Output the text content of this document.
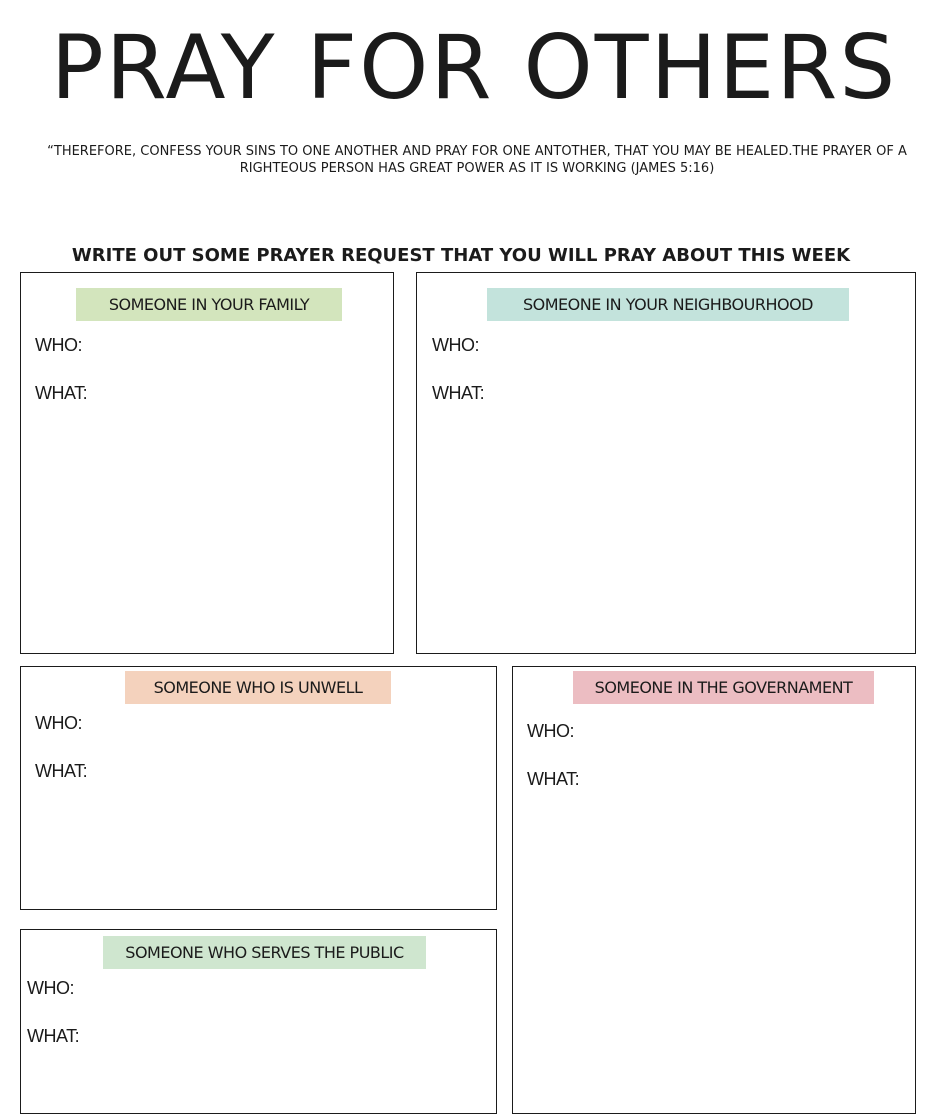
PRAY FOR OTHERS

“THEREFORE, CONFESS YOUR SINS TO ONE ANOTHER AND PRAY FOR ONE ANTOTHER, THAT YOU MAY BE HEALED.THE PRAYER OF A RIGHTEOUS PERSON HAS GREAT POWER AS IT IS WORKING (JAMES 5:16)

WRITE OUT SOME PRAYER REQUEST THAT YOU WILL PRAY ABOUT THIS WEEK
SOMEONE IN YOUR FAMILY
WHO:
WHAT:
SOMEONE IN YOUR NEIGHBOURHOOD
WHO:
WHAT:
SOMEONE WHO IS UNWELL
WHO:
WHAT:
SOMEONE IN THE GOVERNAMENT
WHO:
WHAT:
SOMEONE WHO SERVES THE PUBLIC
WHO:
WHAT:
